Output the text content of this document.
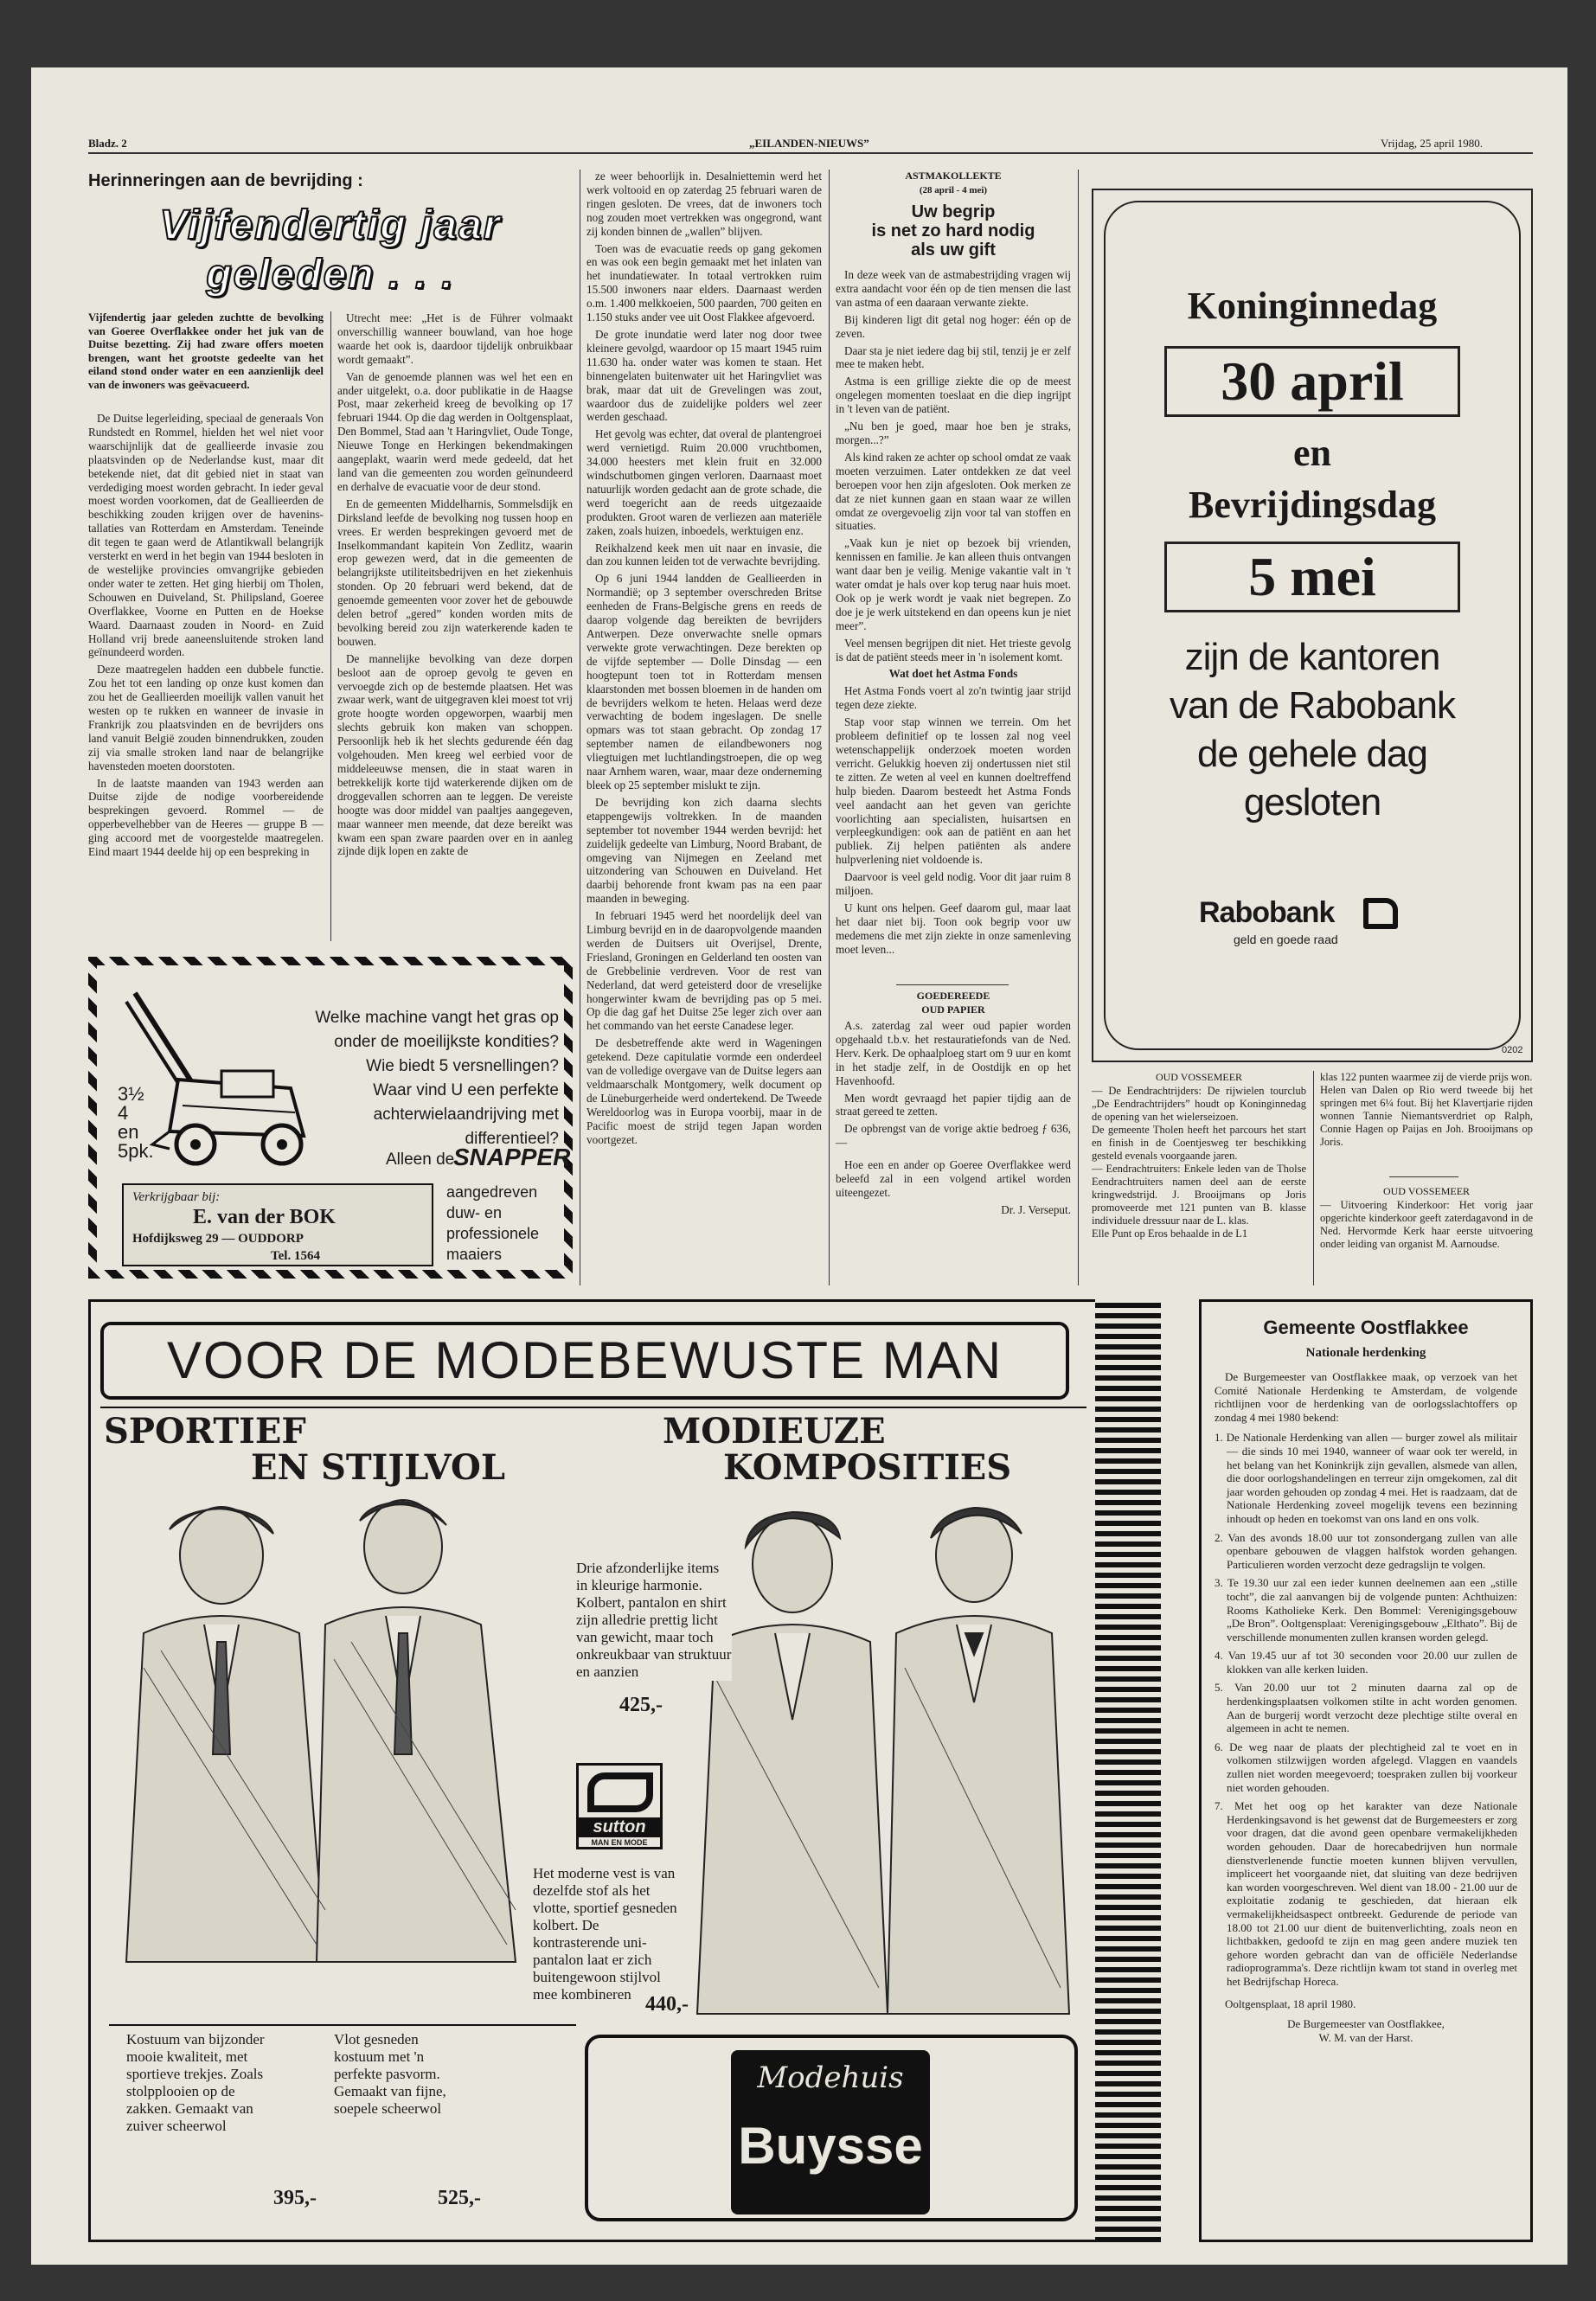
Bladz. 2	„EILANDEN-NIEUWS”	Vrijdag, 25 april 1980.
Herinneringen aan de bevrijding :
Vijfendertig jaar
geleden . . .
Vijfendertig jaar geleden zuchtte de bevolking van Goeree Overflakkee onder het juk van de Duitse bezetting. Zij had zware offers moeten brengen, want het grootste gedeelte van het eiland stond onder water en een aanzienlijk deel van de inwoners was geëvacueerd.

De Duitse legerleiding, speciaal de generaals Von Rundstedt en Rommel, hielden het wel niet voor waarschijnlijk dat de geallieerde invasie zou plaatsvinden op de Nederlandse kust, maar dit betekende niet, dat dit gebied niet in staat van verdediging moest worden gebracht. In ieder geval moest worden voorkomen, dat de Geallieerden de beschikking zouden krijgen over de haveninstallaties van Rotterdam en Amsterdam. Teneinde dit tegen te gaan werd de Atlantikwall belangrijk versterkt en werd in het begin van 1944 besloten in de westelijke provincies omvangrijke gebieden onder water te zetten. Het ging hierbij om Tholen, Schouwen en Duiveland, St. Philipsland, Goeree Overflakkee, Voorne en Putten en de Hoekse Waard. Daarnaast zouden in Noord- en Zuid Holland vrij brede aaneensluitende stroken land geïnundeerd worden.

Deze maatregelen hadden een dubbele functie. Zou het tot een landing op onze kust komen dan zou het de Geallieerden moeilijk vallen vanuit het westen op te rukken en wanneer de invasie in Frankrijk zou plaatsvinden en de bevrijders ons land vanuit België zouden binnendrukken, zouden zij via smalle stroken land naar de belangrijke havensteden moeten doorstoten.

In de laatste maanden van 1943 werden aan Duitse zijde de nodige voorbereidende besprekingen gevoerd. Rommel — de opperbevelhebber van de Heeres — gruppe B — ging accoord met de voorgestelde maatregelen. Eind maart 1944 deelde hij op een bespreking in

Utrecht mee: „Het is de Führer volmaakt onverschillig wanneer bouwland, van hoe hoge waarde het ook is, daardoor tijdelijk onbruikbaar wordt gemaakt”.

Van de genoemde plannen was wel het een en ander uitgelekt, o.a. door publikatie in de Haagse Post, maar zekerheid kreeg de bevolking op 17 februari 1944. Op die dag werden in Ooltgensplaat, Den Bommel, Stad aan 't Haringvliet, Oude Tonge, Nieuwe Tonge en Herkingen bekendmakingen aangeplakt, waarin werd mede gedeeld, dat het land van die gemeenten zou worden geïnundeerd en derhalve de evacuatie voor de deur stond.

En de gemeenten Middelharnis, Sommelsdijk en Dirksland leefde de bevolking nog tussen hoop en vrees. Er werden besprekingen gevoerd met de Inselkommandant kapitein Von Zedlitz, waarin erop gewezen werd, dat in die gemeenten de belangrijkste utiliteitsbedrijven en het ziekenhuis stonden. Op 20 februari werd bekend, dat de genoemde gemeenten voor zover het de gebouwde delen betrof „gered” konden worden mits de bevolking bereid zou zijn waterkerende kaden te bouwen.

De mannelijke bevolking van deze dorpen besloot aan de oproep gevolg te geven en vervoegde zich op de bestemde plaatsen. Het was zwaar werk, want de uitgegraven klei moest tot vrij grote hoogte worden opgeworpen, waarbij men slechts gebruik kon maken van schoppen. Persoonlijk heb ik het slechts gedurende één dag volgehouden. Men kreeg wel eerbied voor de middeleeuwse mensen, die in staat waren in betrekkelijk korte tijd waterkerende dijken om de droggevallen schorren aan te leggen. De vereiste hoogte was door middel van paaltjes aangegeven, maar wanneer men meende, dat deze bereikt was kwam een span zware paarden over en in aanleg zijnde dijk lopen en zakte de

ze weer behoorlijk in. Desalniettemin werd het werk voltooid en op zaterdag 25 februari waren de ringen gesloten. De vrees, dat de inwoners toch nog zouden moet vertrekken was ongegrond, want zij konden binnen de „wallen” blijven.

Toen was de evacuatie reeds op gang gekomen en was ook een begin gemaakt met het inlaten van het inundatiewater. In totaal vertrokken ruim 15.500 inwoners naar elders. Daarnaast werden o.m. 1.400 melkkoeien, 500 paarden, 700 geiten en 1.150 stuks ander vee uit Oost Flakkee afgevoerd.

De grote inundatie werd later nog door twee kleinere gevolgd, waardoor op 15 maart 1945 ruim 11.630 ha. onder water was komen te staan. Het binnengelaten buitenwater uit het Haringvliet was brak, maar dat uit de Grevelingen was zout, waardoor dus de zuidelijke polders wel zeer werden geschaad.

Het gevolg was echter, dat overal de plantengroei werd vernietigd. Ruim 20.000 vruchtbomen, 34.000 heesters met klein fruit en 32.000 windschutbomen gingen verloren. Daarnaast moet natuurlijk worden gedacht aan de grote schade, die werd toegericht aan de reeds uitgezaaide produkten. Groot waren de verliezen aan materiële zaken, zoals huizen, inboedels, werktuigen enz.

Reikhalzend keek men uit naar en invasie, die dan zou kunnen leiden tot de verwachte bevrijding.

Op 6 juni 1944 landden de Geallieerden in Normandië; op 3 september overschreden Britse eenheden de Frans-Belgische grens en reeds de daarop volgende dag bereikten de bevrijders Antwerpen. Deze onverwachte snelle opmars verwekte grote verwachtingen. Deze berekten op de vijfde september — Dolle Dinsdag — een hoogtepunt toen tot in Rotterdam mensen klaarstonden met bossen bloemen in de handen om de bevrijders welkom te heten. Helaas werd deze verwachting de bodem ingeslagen. De snelle opmars was tot staan gebracht. Op zondag 17 september namen de eilandbewoners nog vliegtuigen met luchtlandingstroepen, die op weg naar Arnhem waren, waar, maar deze onderneming bleek op 25 september mislukt te zijn.

De bevrijding kon zich daarna slechts etappengewijs voltrekken. In de maanden september tot november 1944 werden bevrijd: het zuidelijk gedeelte van Limburg, Noord Brabant, de omgeving van Nijmegen en Zeeland met uitzondering van Schouwen en Duiveland. Het daarbij behorende front kwam pas na een paar maanden in beweging.

In februari 1945 werd het noordelijk deel van Limburg bevrijd en in de daaropvolgende maanden werden de Duitsers uit Overijsel, Drente, Friesland, Groningen en Gelderland ten oosten van de Grebbelinie verdreven. Voor de rest van Nederland, dat werd geteisterd door de vreselijke hongerwinter kwam de bevrijding pas op 5 mei. Op die dag gaf het Duitse 25e leger zich over aan het commando van het eerste Canadese leger.

De desbetreffende akte werd in Wageningen getekend. Deze capitulatie vormde een onderdeel van de volledige overgave van de Duitse legers aan veldmaarschalk Montgomery, welk document op de Lüneburgerheide werd ondertekend. De Tweede Wereldoorlog was in Europa voorbij, maar in de Pacific moest de strijd tegen Japan worden voortgezet.

ASTMAKOLLEKTE
(28 april - 4 mei)
Uw begrip
is net zo hard nodig
als uw gift

In deze week van de astmabestrijding vragen wij extra aandacht voor één op de tien mensen die last van astma of een daaraan verwante ziekte.

Bij kinderen ligt dit getal nog hoger: één op de zeven.

Daar sta je niet iedere dag bij stil, tenzij je er zelf mee te maken hebt.

Astma is een grillige ziekte die op de meest ongelegen momenten toeslaat en die diep ingrijpt in 't leven van de patiënt.

„Nu ben je goed, maar hoe ben je straks, morgen...?”

Als kind raken ze achter op school omdat ze vaak moeten verzuimen. Later ontdekken ze dat veel beroepen voor hen zijn afgesloten. Ook merken ze dat ze niet kunnen gaan en staan waar ze willen omdat ze overgevoelig zijn voor tal van stoffen en situaties.

„Vaak kun je niet op bezoek bij vrienden, kennissen en familie. Je kan alleen thuis ontvangen want daar ben je veilig. Menige vakantie valt in 't water omdat je hals over kop terug naar huis moet. Ook op je werk wordt je vaak niet begrepen. Zo doe je je werk uitstekend en dan opeens kun je niet meer”.

Veel mensen begrijpen dit niet. Het triestе gevolg is dat de patiënt steeds meer in 'n isolement komt.

Wat doet het Astma Fonds

Het Astma Fonds voert al zo'n twintig jaar strijd tegen deze ziekte.

Stap voor stap winnen we terrein. Om het probleem definitief op te lossen zal nog veel wetenschappelijk onderzoek moeten worden verricht. Gelukkig hoeven zij ondertussen niet stil te zitten. Ze weten al veel en kunnen doeltreffend hulp bieden. Daarom besteedt het Astma Fonds veel aandacht aan het geven van gerichte voorlichting aan specialisten, huisartsen en verpleegkundigen: ook aan de patiënt en aan het publiek. Zij helpen patiënten als andere hulpverlening niet voldoende is.

Daarvoor is veel geld nodig. Voor dit jaar ruim 8 miljoen.

U kunt ons helpen. Geef daarom gul, maar laat het daar niet bij. Toon ook begrip voor uw medemens die met zijn ziekte in onze samenleving moet leven...

GOEDEREEDE
OUD PAPIER

A.s. zaterdag zal weer oud papier worden opgehaald t.b.v. het restauratiefonds van de Ned. Herv. Kerk. De ophaalploeg start om 9 uur en komt in het stadje zelf, in de Oostdijk en op het Havenhoofd.

Men wordt gevraagd het papier tijdig aan de straat gereed te zetten.

De opbrengst van de vorige aktie bedroeg ƒ 636,—

Hoe een en ander op Goeree Overflakkee werd beleefd zal in een volgend artikel worden uiteengezet.

Dr. J. Verseput.

Koninginnedag
30 april
en
Bevrijdingsdag
5 mei
zijn de kantoren
van de Rabobank
de gehele dag
gesloten
Rabobank
geld en goede raad
0202
OUD VOSSEMEER

— De Eendrachtrijders: De rijwielen tourclub „De Eendrachtrijders” houdt op Koninginnedag de opening van het wielerseizoen.

De gemeente Tholen heeft het parcours het start en finish in de Coentjesweg ter beschikking gesteld evenals voorgaande jaren.

— Eendrachtruiters: Enkele leden van de Tholse Eendrachtruiters namen deel aan de eerste kringwedstrijd. J. Brooijmans op Joris promoveerde met 121 punten van B. klasse individuele dressuur naar de L. klas.

Elle Punt op Eros behaalde in de L1

klas 122 punten waarmee zij de vierde prijs won.

Helen van Dalen op Rio werd tweede bij het springen met 6¼ fout. Bij het Klavertjarie rijden wonnen Tannie Niemantsverdriet op Ralph, Connie Hagen op Paijas en Joh. Brooijmans op Joris.

OUD VOSSEMEER
— Uitvoering Kinderkoor: Het vorig jaar opgerichte kinderkoor geeft zaterdagavond in de Ned. Hervormde Kerk haar eerste uitvoering onder leiding van organist M. Aarnoudse.
3½
4
en
5pk.
Welke machine vangt het gras op
onder de moeilijkste kondities?
Wie biedt 5 versnellingen?
Waar vind U een perfekte
achterwielaandrijving met
differentieel?
Alleen de
SNAPPER
aangedreven
duw- en
professionele
maaiers
Verkrijgbaar bij:
E. van der BOK
Hofdijksweg 29 — OUDDORP
Tel. 1564
VOOR DE MODEBEWUSTE MAN
SPORTIEF
EN STIJLVOL
MODIEUZE
KOMPOSITIES
Drie afzonderlijke items in kleurige harmonie. Kolbert, pantalon en shirt zijn alledrie prettig licht van gewicht, maar toch onkreukbaar van struktuur en aanzien
425,-
sutton
MAN EN MODE
Het moderne vest is van dezelfde stof als het vlotte, sportief gesneden kolbert. De kontrasterende uni-pantalon laat er zich buitengewoon stijlvol mee kombineren 440,-
Kostuum van bijzonder mooie kwaliteit, met sportieve trekjes. Zoals stolpplooien op de zakken. Gemaakt van zuiver scheerwol
395,-
Vlot gesneden kostuum met 'n perfekte pasvorm. Gemaakt van fijne, soepele scheerwol
525,-
Modehuis
Buysse
Gemeente Oostflakkee
Nationale herdenking

De Burgemeester van Oostflakkee maak, op verzoek van het Comité Nationale Herdenking te Amsterdam, de volgende richtlijnen voor de herdenking van de oorlogsslachtoffers op zondag 4 mei 1980 bekend:

1. De Nationale Herdenking van allen — burger zowel als militair — die sinds 10 mei 1940, wanneer of waar ook ter wereld, in het belang van het Koninkrijk zijn gevallen, alsmede van allen, die door oorlogshandelingen en terreur zijn omgekomen, zal dit jaar worden gehouden op zondag 4 mei. Het is raadzaam, dat de Nationale Herdenking zoveel mogelijk tevens een bezinning inhoudt op heden en toekomst van ons land en ons volk.

2. Van des avonds 18.00 uur tot zonsondergang zullen van alle openbare gebouwen de vlaggen halfstok worden gehangen. Particulieren worden verzocht deze gedragslijn te volgen.

3. Te 19.30 uur zal een ieder kunnen deelnemen aan een „stille tocht”, die zal aanvangen bij de volgende punten: Achthuizen: Rooms Katholieke Kerk. Den Bommel: Verenigingsgebouw „De Bron”. Ooltgensplaat: Verenigingsgebouw „Elthato”. Bij de verschillende monumenten zullen kransen worden gelegd.

4. Van 19.45 uur af tot 30 seconden voor 20.00 uur zullen de klokken van alle kerken luiden.

5. Van 20.00 uur tot 2 minuten daarna zal op de herdenkingsplaatsen volkomen stilte in acht worden genomen. Aan de burgerij wordt verzocht deze plechtige stilte overal en algemeen in acht te nemen.

6. De weg naar de plaats der plechtigheid zal te voet en in volkomen stilzwijgen worden afgelegd. Vlaggen en vaandels zullen niet worden meegevoerd; toespraken zullen bij voorkeur niet worden gehouden.

7. Met het oog op het karakter van deze Nationale Herdenkingsavond is het gewenst dat de Burgemeesters er zorg voor dragen, dat die avond geen openbare vermakelijkheden worden gehouden. Daar de horecabedrijven hun normale dienstverlenende functie moeten kunnen blijven vervullen, impliceert het voorgaande niet, dat sluiting van deze bedrijven kan worden voorgeschreven. Wel dient van 18.00 - 21.00 uur de exploitatie zodanig te geschieden, dat hieraan elk vermakelijkheidsaspect ontbreekt. Gedurende de periode van 18.00 tot 21.00 uur dient de buitenverlichting, zoals neon en lichtbakken, gedoofd te zijn en mag geen andere muziek ten gehore worden gebracht dan van de officiële Nederlandse radioprogramma's. Deze richtlijn kwam tot stand in overleg met het Bedrijfschap Horeca.

Ooltgensplaat, 18 april 1980.

De Burgemeester van Oostflakkee,

W. M. van der Harst.
